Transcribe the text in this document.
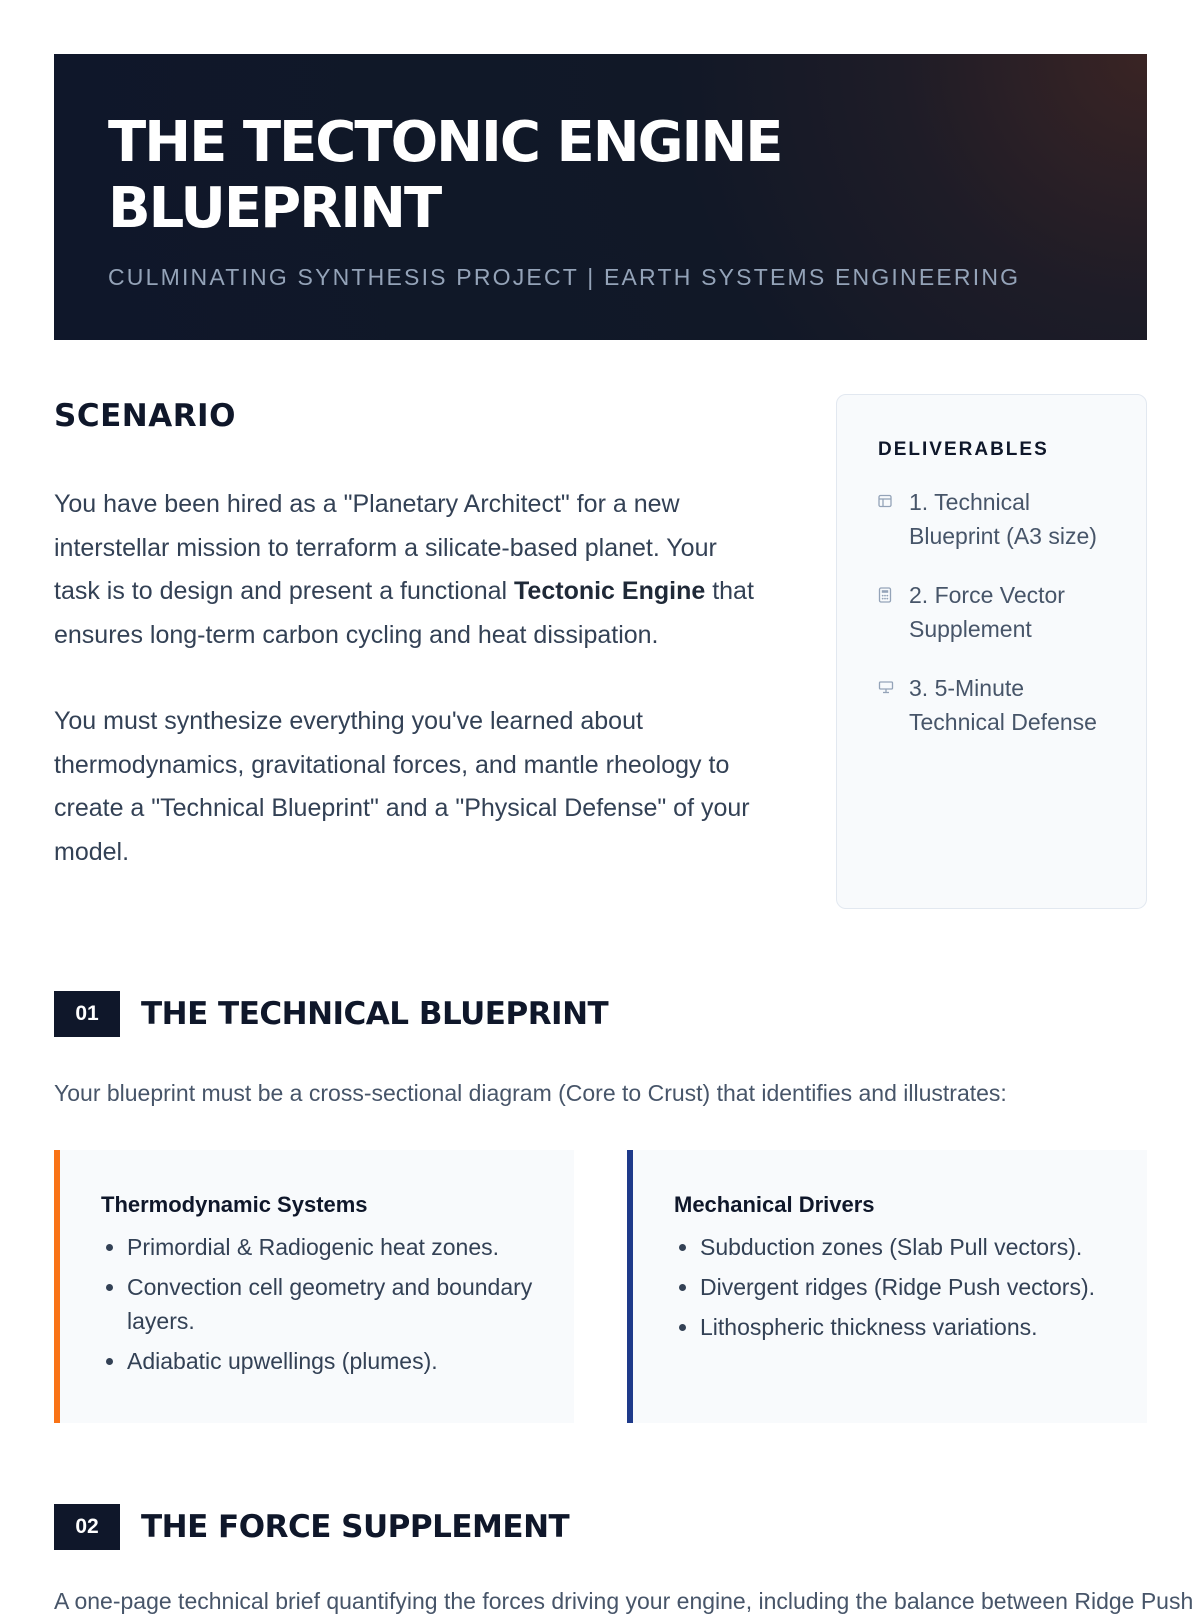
THE TECTONIC ENGINE BLUEPRINT
CULMINATING SYNTHESIS PROJECT | EARTH SYSTEMS ENGINEERING
SCENARIO

You have been hired as a "Planetary Architect" for a new interstellar mission to terraform a silicate-based planet. Your task is to design and present a functional Tectonic Engine that ensures long-term carbon cycling and heat dissipation.

You must synthesize everything you've learned about thermodynamics, gravitational forces, and mantle rheology to create a "Technical Blueprint" and a "Physical Defense" of your model.

DELIVERABLES
1. Technical Blueprint (A3 size)
2. Force Vector Supplement
3. 5-Minute Technical Defense
01	THE TECHNICAL BLUEPRINT

Your blueprint must be a cross-sectional diagram (Core to Crust) that identifies and illustrates:

Thermodynamic Systems
• Primordial & Radiogenic heat zones.
• Convection cell geometry and boundary layers.
• Adiabatic upwellings (plumes).
Mechanical Drivers
• Subduction zones (Slab Pull vectors).
• Divergent ridges (Ridge Push vectors).
• Lithospheric thickness variations.
02	THE FORCE SUPPLEMENT
A one-page technical brief quantifying the forces driving your engine, including the balance between Ridge Push
